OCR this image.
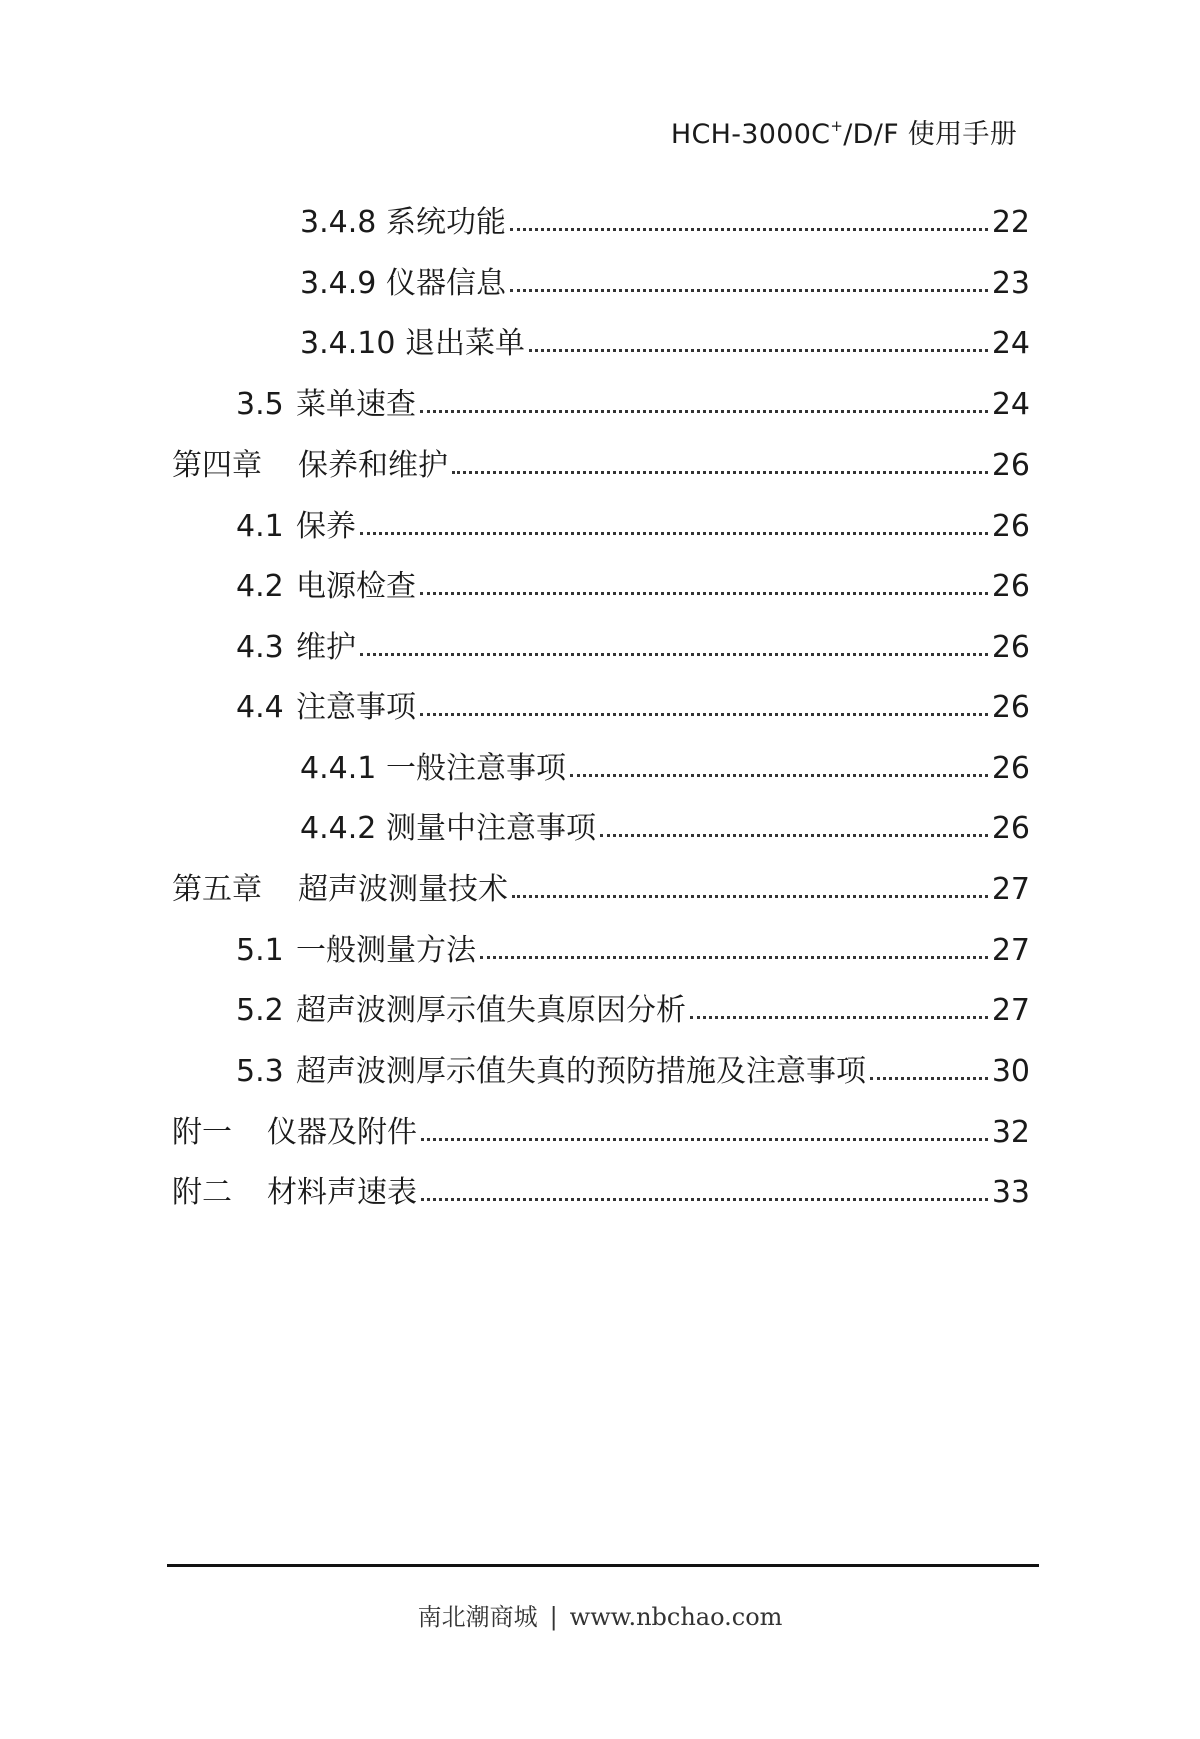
HCH-3000C+/D/F 使用手册
3.4.8 系统功能	22
3.4.9 仪器信息	23
3.4.10 退出菜单	24
3.5 菜单速查	24
第四章	保养和维护	26
4.1 保养	26
4.2 电源检查	26
4.3 维护	26
4.4 注意事项	26
4.4.1 一般注意事项	26
4.4.2 测量中注意事项	26
第五章	超声波测量技术	27
5.1 一般测量方法	27
5.2 超声波测厚示值失真原因分析	27
5.3 超声波测厚示值失真的预防措施及注意事项	30
附一	仪器及附件	32
附二	材料声速表	33
南北潮商城 | www.nbchao.com
